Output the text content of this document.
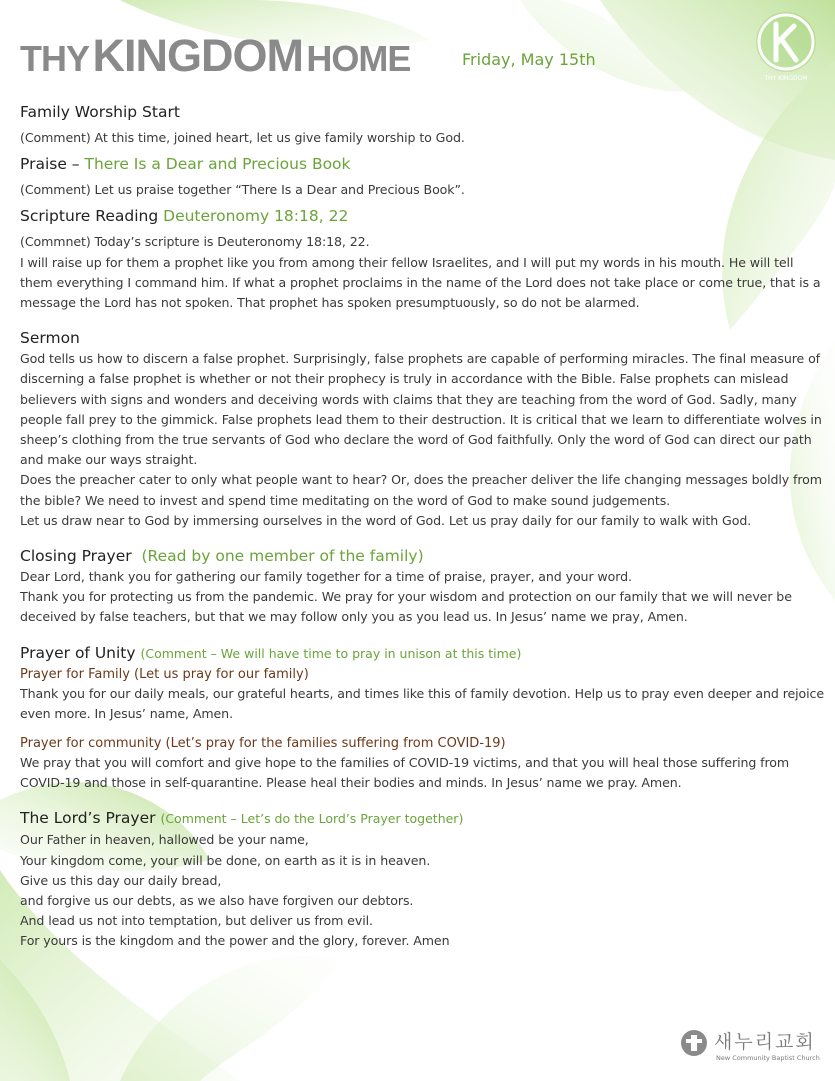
THY KINGDOM HOME	Friday, May 15th
THY KINGDOM

Family Worship Start

(Comment) At this time, joined heart, let us give family worship to God.

Praise – There Is a Dear and Precious Book

(Comment) Let us praise together “There Is a Dear and Precious Book”.

Scripture Reading Deuteronomy 18:18, 22

(Commnet) Today’s scripture is Deuteronomy 18:18, 22.

I will raise up for them a prophet like you from among their fellow Israelites, and I will put my words in his mouth. He will tell them everything I command him. If what a prophet proclaims in the name of the Lord does not take place or come true, that is a message the Lord has not spoken. That prophet has spoken presumptuously, so do not be alarmed.

Sermon

God tells us how to discern a false prophet. Surprisingly, false prophets are capable of performing miracles. The final measure of discerning a false prophet is whether or not their prophecy is truly in accordance with the Bible. False prophets can mislead believers with signs and wonders and deceiving words with claims that they are teaching from the word of God. Sadly, many people fall prey to the gimmick. False prophets lead them to their destruction. It is critical that we learn to differentiate wolves in sheep’s clothing from the true servants of God who declare the word of God faithfully. Only the word of God can direct our path and make our ways straight.

Does the preacher cater to only what people want to hear? Or, does the preacher deliver the life changing messages boldly from the bible? We need to invest and spend time meditating on the word of God to make sound judgements.

Let us draw near to God by immersing ourselves in the word of God. Let us pray daily for our family to walk with God.

Closing Prayer (Read by one member of the family)

Dear Lord, thank you for gathering our family together for a time of praise, prayer, and your word.

Thank you for protecting us from the pandemic. We pray for your wisdom and protection on our family that we will never be deceived by false teachers, but that we may follow only you as you lead us. In Jesus’ name we pray, Amen.

Prayer of Unity (Comment – We will have time to pray in unison at this time)

Prayer for Family (Let us pray for our family)

Thank you for our daily meals, our grateful hearts, and times like this of family devotion. Help us to pray even deeper and rejoice even more. In Jesus’ name, Amen.

Prayer for community (Let’s pray for the families suffering from COVID-19)

We pray that you will comfort and give hope to the families of COVID-19 victims, and that you will heal those suffering from COVID-19 and those in self-quarantine. Please heal their bodies and minds. In Jesus’ name we pray. Amen.

The Lord’s Prayer (Comment – Let’s do the Lord’s Prayer together)

Our Father in heaven, hallowed be your name,

Your kingdom come, your will be done, on earth as it is in heaven.

Give us this day our daily bread,

and forgive us our debts, as we also have forgiven our debtors.

And lead us not into temptation, but deliver us from evil.

For yours is the kingdom and the power and the glory, forever. Amen

새누리교회
New Community Baptist Church
